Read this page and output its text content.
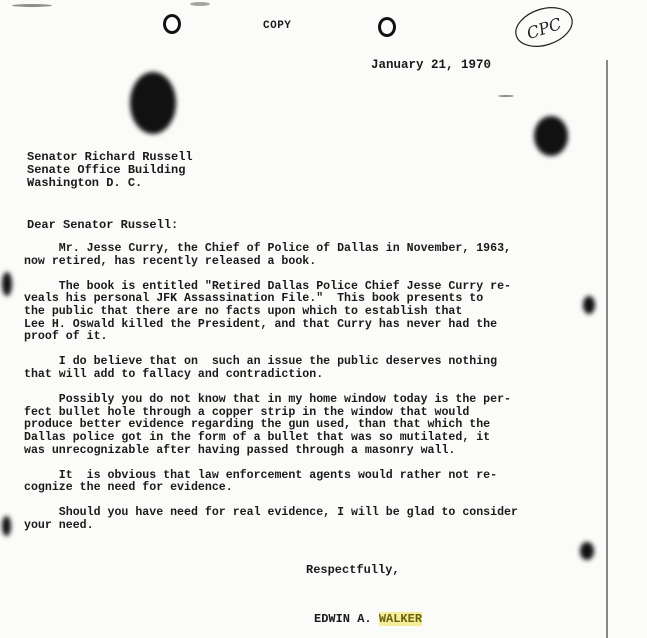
COPY	CPC
January 21, 1970
Senator Richard Russell
Senate Office Building
Washington D. C.
Dear Senator Russell:

Mr. Jesse Curry, the Chief of Police of Dallas in November, 1963,
now retired, has recently released a book.

The book is entitled "Retired Dallas Police Chief Jesse Curry re-
veals his personal JFK Assassination File."  This book presents to
the public that there are no facts upon which to establish that
Lee H. Oswald killed the President, and that Curry has never had the
proof of it.

I do believe that on  such an issue the public deserves nothing
that will add to fallacy and contradiction.

Possibly you do not know that in my home window today is the per-
fect bullet hole through a copper strip in the window that would
produce better evidence regarding the gun used, than that which the
Dallas police got in the form of a bullet that was so mutilated, it
was unrecognizable after having passed through a masonry wall.

It  is obvious that law enforcement agents would rather not re-
cognize the need for evidence.

Should you have need for real evidence, I will be glad to consider
your need.

Respectfully,
EDWIN A. WALKER
